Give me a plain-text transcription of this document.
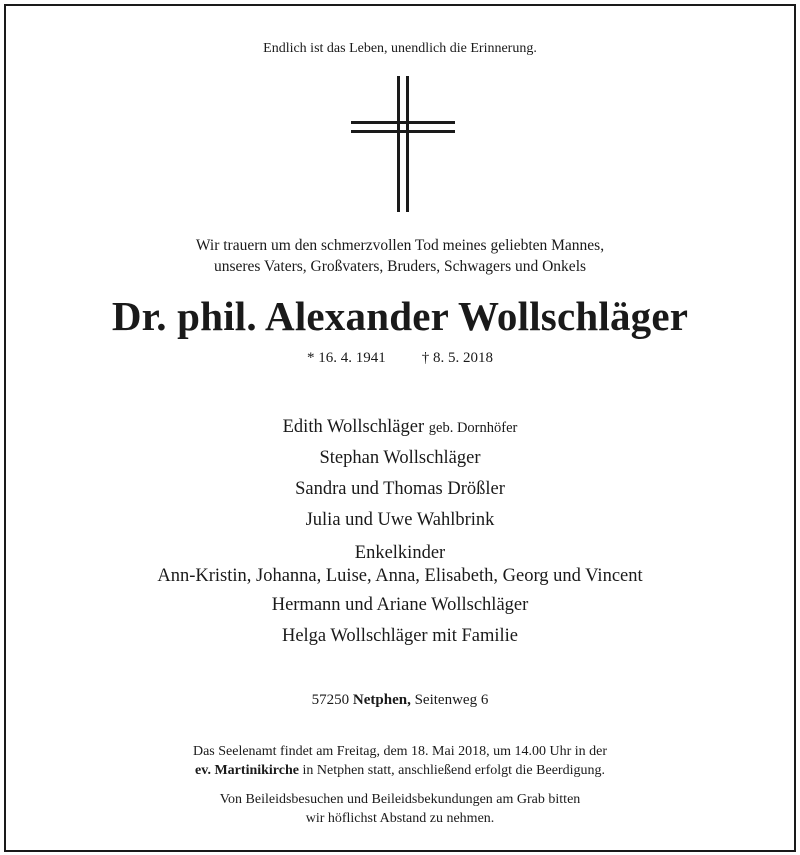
Endlich ist das Leben, unendlich die Erinnerung.
Wir trauern um den schmerzvollen Tod meines geliebten Mannes,
unseres Vaters, Großvaters, Bruders, Schwagers und Onkels
Dr. phil. Alexander Wollschläger
* 16. 4. 1941 † 8. 5. 2018
Edith Wollschläger geb. Dornhöfer
Stephan Wollschläger
Sandra und Thomas Drößler
Julia und Uwe Wahlbrink
Enkelkinder
Ann-Kristin, Johanna, Luise, Anna, Elisabeth, Georg und Vincent
Hermann und Ariane Wollschläger
Helga Wollschläger mit Familie
57250 Netphen, Seitenweg 6
Das Seelenamt findet am Freitag, dem 18. Mai 2018, um 14.00 Uhr in der
ev. Martinikirche in Netphen statt, anschließend erfolgt die Beerdigung.
Von Beileidsbesuchen und Beileidsbekundungen am Grab bitten
wir höflichst Abstand zu nehmen.
